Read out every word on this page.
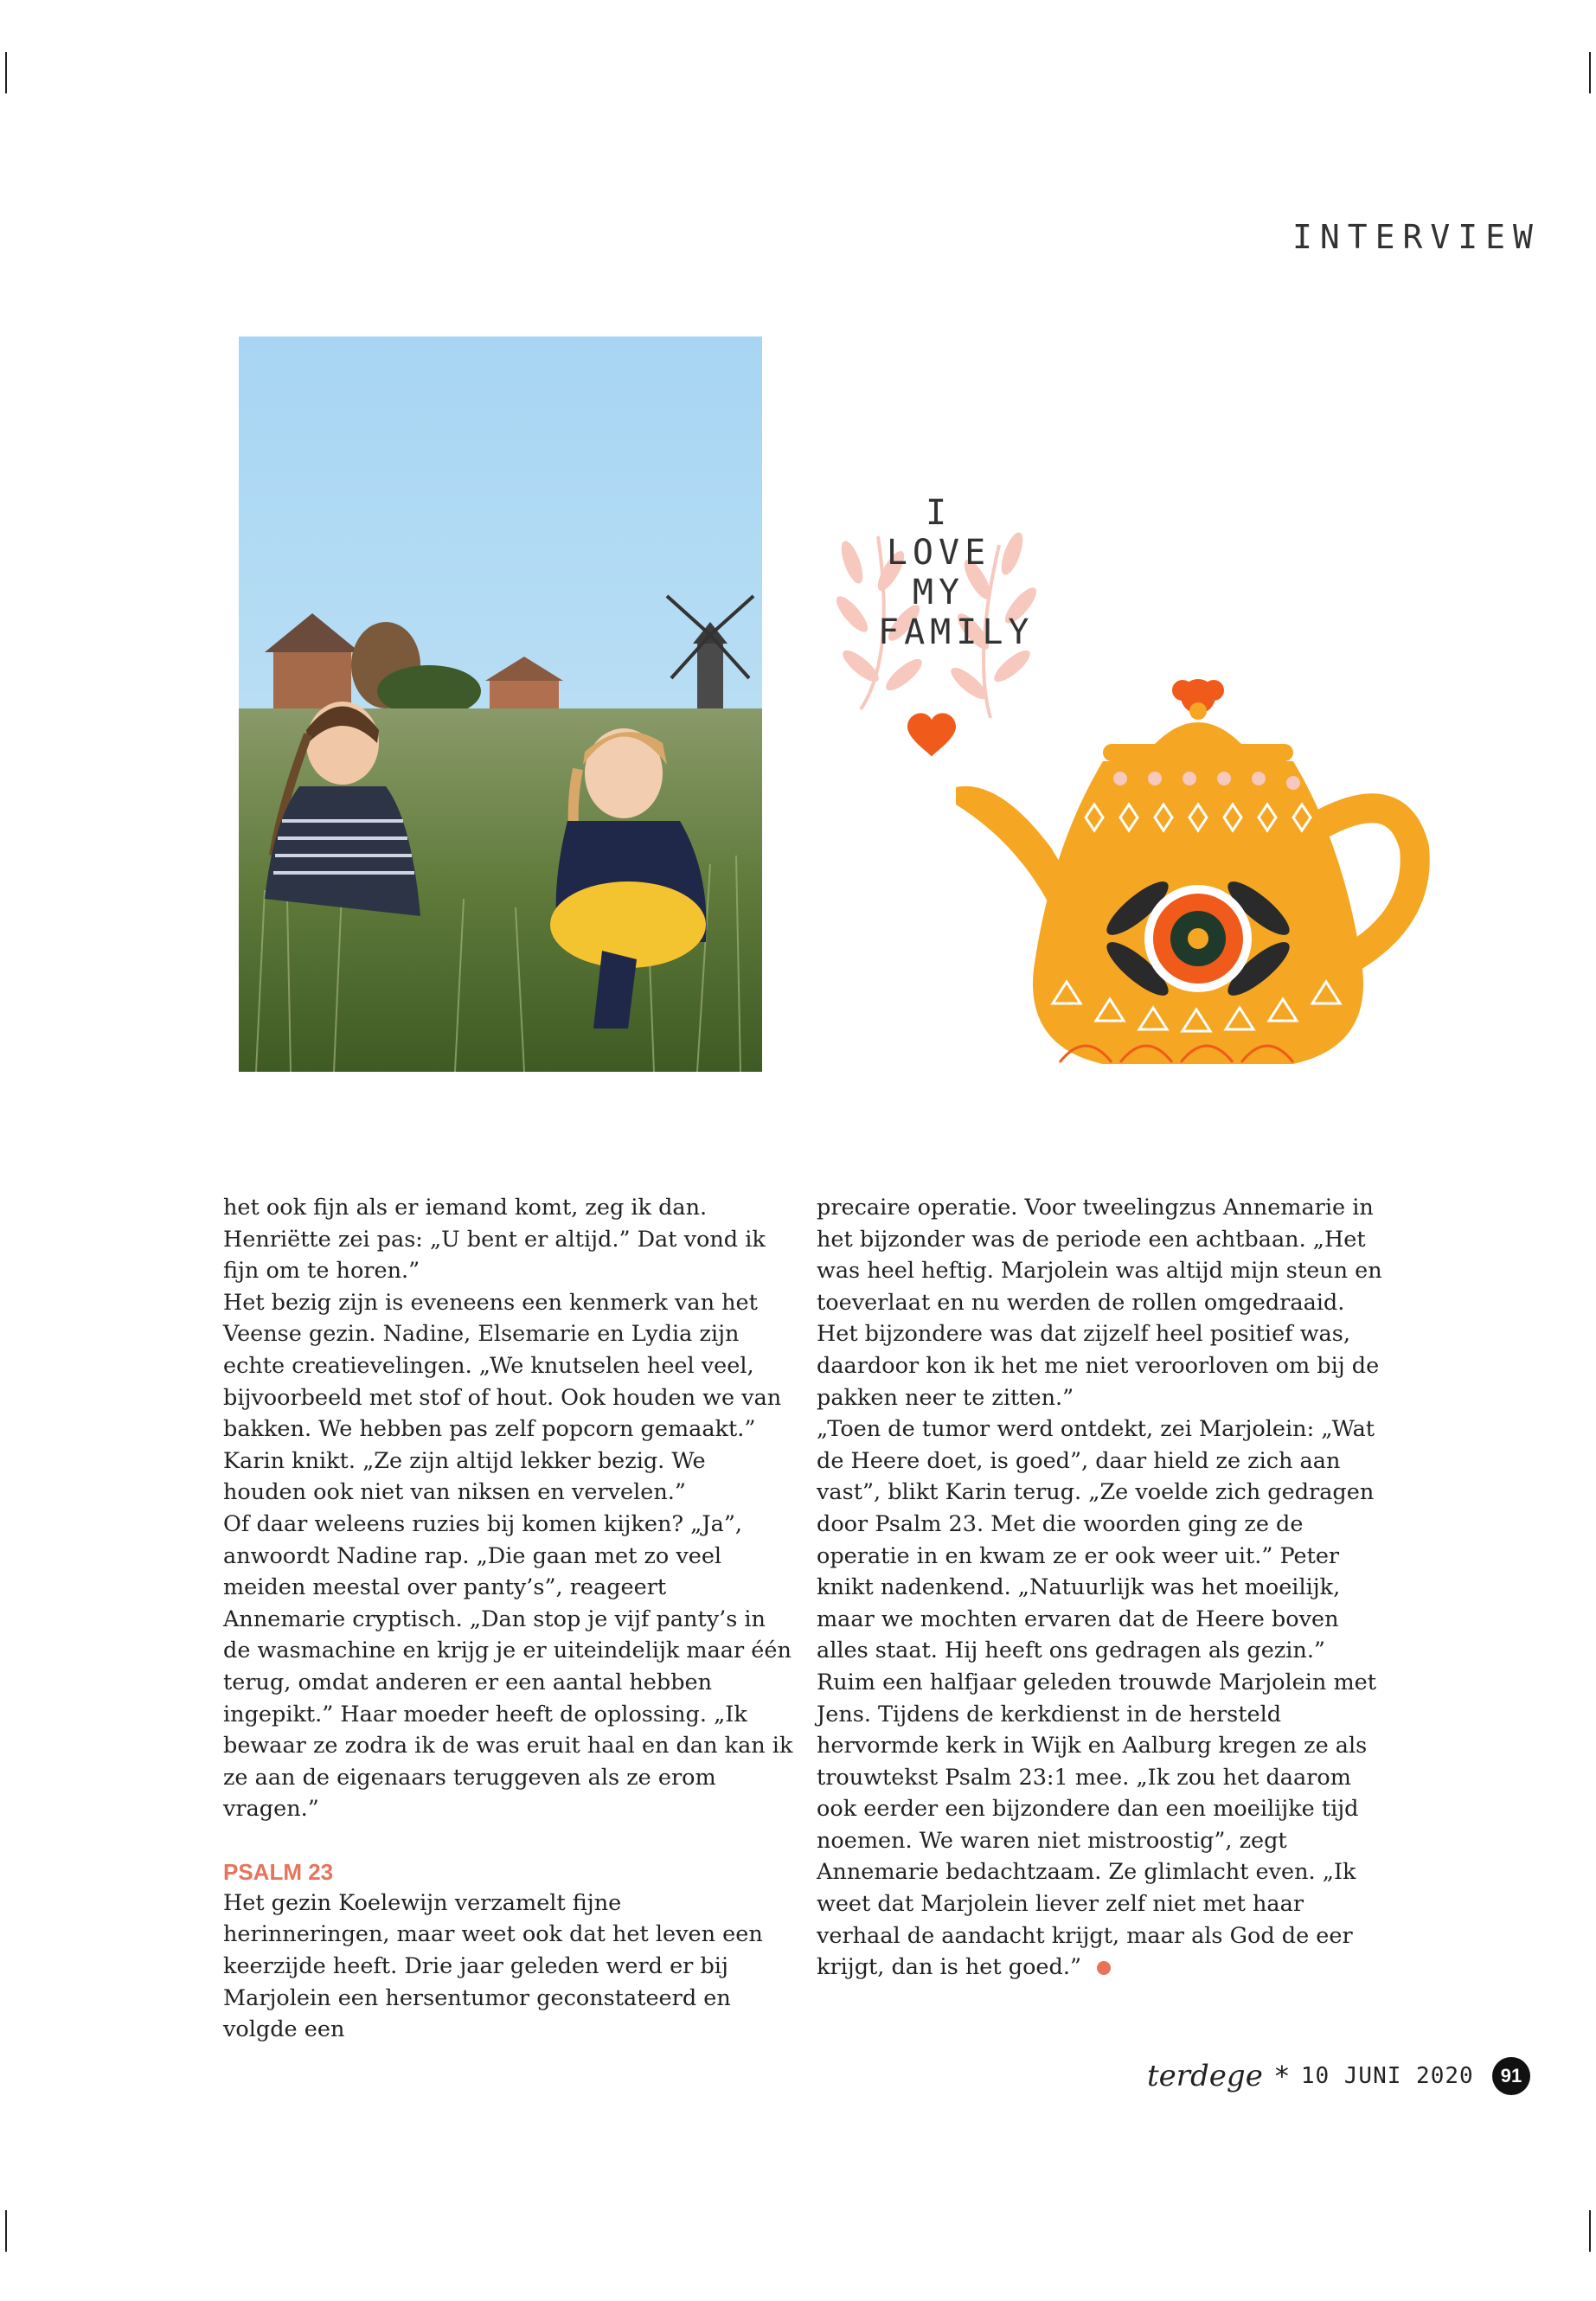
INTERVIEW
I
LOVE
MY
FAMILY

het ook fijn als er iemand komt, zeg ik dan. Henriëtte zei pas: „U bent er altijd.” Dat vond ik fijn om te horen.”

Het bezig zijn is eveneens een kenmerk van het Veense gezin. Nadine, Elsemarie en Lydia zijn echte creatievelingen. „We knutselen heel veel, bijvoorbeeld met stof of hout. Ook houden we van bakken. We hebben pas zelf popcorn gemaakt.” Karin knikt. „Ze zijn altijd lekker bezig. We houden ook niet van niksen en vervelen.”

Of daar weleens ruzies bij komen kijken? „Ja”, anwoordt Nadine rap. „Die gaan met zo veel meiden meestal over panty’s”, reageert Annemarie cryptisch. „Dan stop je vijf panty’s in de wasmachine en krijg je er uiteindelijk maar één terug, omdat anderen er een aantal hebben ingepikt.” Haar moeder heeft de oplossing. „Ik bewaar ze zodra ik de was eruit haal en dan kan ik ze aan de eigenaars teruggeven als ze erom vragen.”

PSALM 23

Het gezin Koelewijn verzamelt fijne herinneringen, maar weet ook dat het leven een keerzijde heeft. Drie jaar geleden werd er bij Marjolein een hersentumor geconstateerd en volgde een

precaire operatie. Voor tweelingzus Annemarie in het bijzonder was de periode een achtbaan. „Het was heel heftig. Marjolein was altijd mijn steun en toeverlaat en nu werden de rollen omgedraaid. Het bijzondere was dat zijzelf heel positief was, daardoor kon ik het me niet veroorloven om bij de pakken neer te zitten.”

„Toen de tumor werd ontdekt, zei Marjolein: „Wat de Heere doet, is goed”, daar hield ze zich aan vast”, blikt Karin terug. „Ze voelde zich gedragen door Psalm 23. Met die woorden ging ze de operatie in en kwam ze er ook weer uit.” Peter knikt nadenkend. „Natuurlijk was het moeilijk, maar we mochten ervaren dat de Heere boven alles staat. Hij heeft ons gedragen als gezin.”

Ruim een halfjaar geleden trouwde Marjolein met Jens. Tijdens de kerkdienst in de hersteld hervormde kerk in Wijk en Aalburg kregen ze als trouwtekst Psalm 23:1 mee. „Ik zou het daarom ook eerder een bijzondere dan een moeilijke tijd noemen. We waren niet mistroostig”, zegt Annemarie bedachtzaam. Ze glimlacht even. „Ik weet dat Marjolein liever zelf niet met haar verhaal de aandacht krijgt, maar als God de eer krijgt, dan is het goed.”

terdege * 10 JUNI 2020	91
